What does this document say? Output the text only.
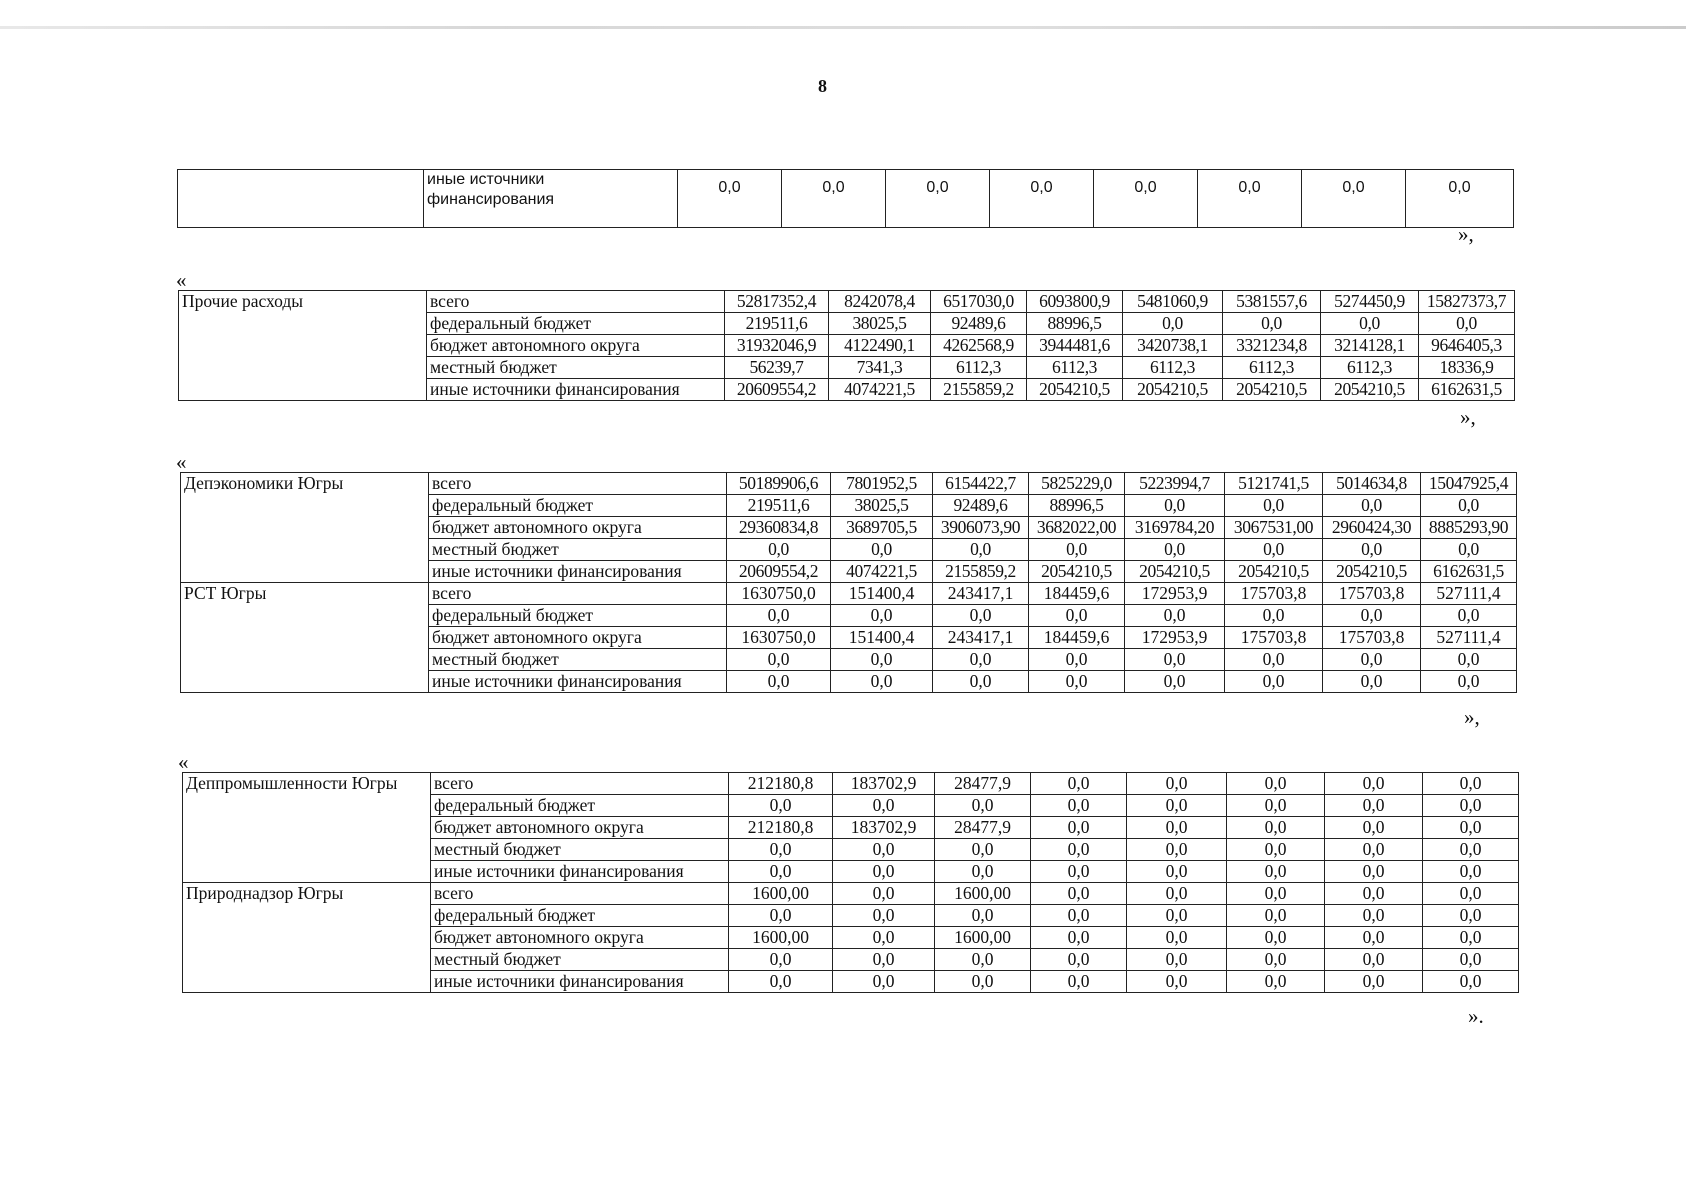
8
	иные источники финансирования	0,0	0,0	0,0	0,0	0,0	0,0	0,0	0,0
»,
«
Прочие расходы	всего	52817352,4	8242078,4	6517030,0	6093800,9	5481060,9	5381557,6	5274450,9	15827373,7
	федеральный бюджет	219511,6	38025,5	92489,6	88996,5	0,0	0,0	0,0	0,0
	бюджет автономного округа	31932046,9	4122490,1	4262568,9	3944481,6	3420738,1	3321234,8	3214128,1	9646405,3
	местный бюджет	56239,7	7341,3	6112,3	6112,3	6112,3	6112,3	6112,3	18336,9
	иные источники финансирования	20609554,2	4074221,5	2155859,2	2054210,5	2054210,5	2054210,5	2054210,5	6162631,5
»,
«
Депэкономики Югры	всего	50189906,6	7801952,5	6154422,7	5825229,0	5223994,7	5121741,5	5014634,8	15047925,4
	федеральный бюджет	219511,6	38025,5	92489,6	88996,5	0,0	0,0	0,0	0,0
	бюджет автономного округа	29360834,8	3689705,5	3906073,90	3682022,00	3169784,20	3067531,00	2960424,30	8885293,90
	местный бюджет	0,0	0,0	0,0	0,0	0,0	0,0	0,0	0,0
	иные источники финансирования	20609554,2	4074221,5	2155859,2	2054210,5	2054210,5	2054210,5	2054210,5	6162631,5
РСТ Югры	всего	1630750,0	151400,4	243417,1	184459,6	172953,9	175703,8	175703,8	527111,4
	федеральный бюджет	0,0	0,0	0,0	0,0	0,0	0,0	0,0	0,0
	бюджет автономного округа	1630750,0	151400,4	243417,1	184459,6	172953,9	175703,8	175703,8	527111,4
	местный бюджет	0,0	0,0	0,0	0,0	0,0	0,0	0,0	0,0
	иные источники финансирования	0,0	0,0	0,0	0,0	0,0	0,0	0,0	0,0
»,
«
Деппромышленности Югры	всего	212180,8	183702,9	28477,9	0,0	0,0	0,0	0,0	0,0
	федеральный бюджет	0,0	0,0	0,0	0,0	0,0	0,0	0,0	0,0
	бюджет автономного округа	212180,8	183702,9	28477,9	0,0	0,0	0,0	0,0	0,0
	местный бюджет	0,0	0,0	0,0	0,0	0,0	0,0	0,0	0,0
	иные источники финансирования	0,0	0,0	0,0	0,0	0,0	0,0	0,0	0,0
Природнадзор Югры	всего	1600,00	0,0	1600,00	0,0	0,0	0,0	0,0	0,0
	федеральный бюджет	0,0	0,0	0,0	0,0	0,0	0,0	0,0	0,0
	бюджет автономного округа	1600,00	0,0	1600,00	0,0	0,0	0,0	0,0	0,0
	местный бюджет	0,0	0,0	0,0	0,0	0,0	0,0	0,0	0,0
	иные источники финансирования	0,0	0,0	0,0	0,0	0,0	0,0	0,0	0,0
».
